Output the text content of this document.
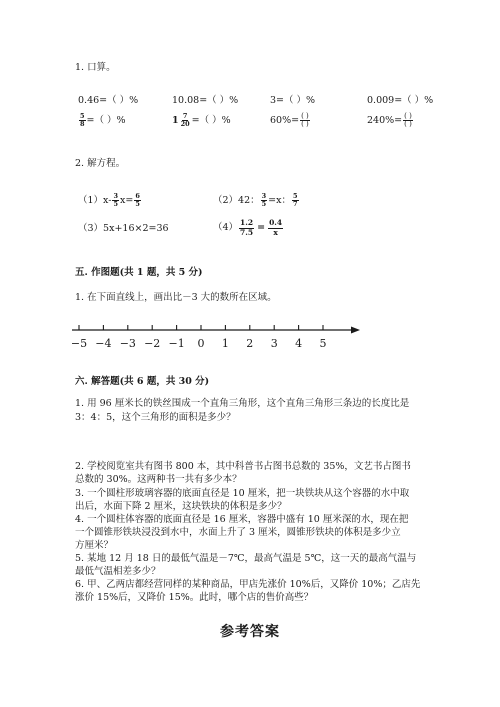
1. 口算。
0.46=（ ）%	10.08=（ ）%	3=（ ）%	0.009=（ ）%
$\frac{5}{8}$ =（ ）%	$1 \frac{7}{20}$ =（ ）%	$60\%= \frac{( )}{( )}$	$240\%= \frac{( )}{( )}$
2. 解方程。
$(1)x- \frac{3}{5} x= \frac{6}{5}$	（2）42： $\frac{3}{5} =x$： $\frac{5}{7}$
（3）5x+16×2=36	$(4) \frac{1.2}{7.5} = \frac{0.4}{x}$
五. 作图题(共 1 题，共 5 分)
1. 在下面直线上，画出比－3 大的数所在区域。
−5 −4 −3 −2 −1 0 1 2 3 4 5
六. 解答题(共 6 题，共 30 分)
1. 用 96 厘米长的铁丝围成一个直角三角形，这个直角三角形三条边的长度比是
3：4：5，这个三角形的面积是多少？
2. 学校阅览室共有图书 800 本，其中科普书占图书总数的 35%，文艺书占图书
总数的 30%。这两种书一共有多少本？
3. 一个圆柱形玻璃容器的底面直径是 10 厘米，把一块铁块从这个容器的水中取
出后，水面下降 2 厘米，这块铁块的体积是多少？
4. 一个圆柱体容器的底面直径是 16 厘米，容器中盛有 10 厘米深的水，现在把
一个圆锥形铁块浸没到水中，水面上升了 3 厘米，圆锥形铁块的体积是多少立
方厘米？
5. 某地 12 月 18 日的最低气温是－7℃，最高气温是 5℃，这一天的最高气温与
最低气温相差多少？
6. 甲、乙两店都经营同样的某种商品，甲店先涨价 10%后，又降价 10%；乙店先
涨价 15%后，又降价 15%。此时，哪个店的售价高些？
参考答案
